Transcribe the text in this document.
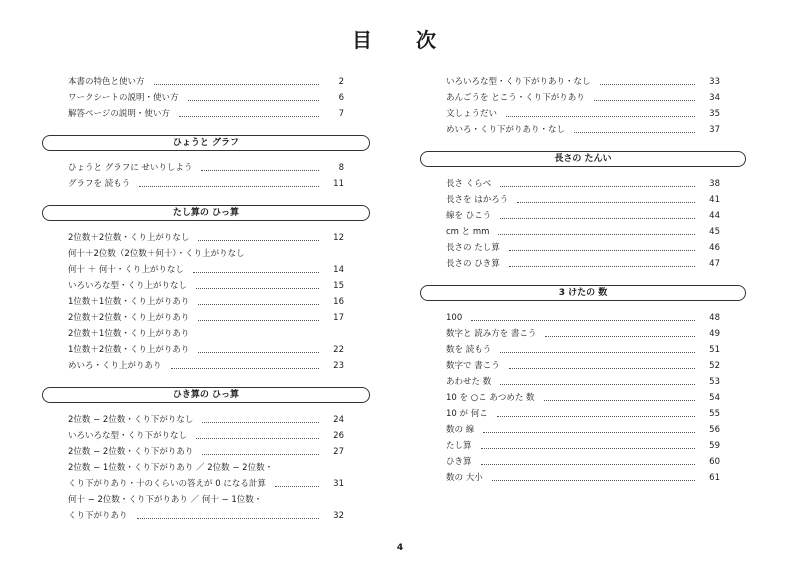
目　次
本書の特色と使い方	2
ワークシートの説明・使い方	6
解答ページの説明・使い方	7
ひょうと グラフ
ひょうと グラフに せいりしよう	8
グラフを 読もう	11
たし算の ひっ算
2位数＋2位数・くり上がりなし	12
何十＋2位数（2位数＋何十）・くり上がりなし
何十 ＋ 何十・くり上がりなし	14
いろいろな型・くり上がりなし	15
1位数＋1位数・くり上がりあり	16
2位数＋2位数・くり上がりあり	17
2位数＋1位数・くり上がりあり
1位数＋2位数・くり上がりあり	22
めいろ・くり上がりあり	23
ひき算の ひっ算
2位数 − 2位数・くり下がりなし	24
いろいろな型・くり下がりなし	26
2位数 − 2位数・くり下がりあり	27
2位数 − 1位数・くり下がりあり ／ 2位数 − 2位数・
くり下がりあり・十のくらいの答えが 0 になる計算	31
何十 − 2位数・くり下がりあり ／ 何十 − 1位数・
くり下がりあり	32
いろいろな型・くり下がりあり・なし	33
あんごうを とこう・くり下がりあり	34
文しょうだい	35
めいろ・くり下がりあり・なし	37
長さの たんい
長さ くらべ	38
長さを はかろう	41
線を ひこう	44
cm と mm	45
長さの たし算	46
長さの ひき算	47
3 けたの 数
100	48
数字と 読み方を 書こう	49
数を 読もう	51
数字で 書こう	52
あわせた 数	53
10 を ○こ あつめた 数	54
10 が 何こ	55
数の 線	56
たし算	59
ひき算	60
数の 大小	61
4
